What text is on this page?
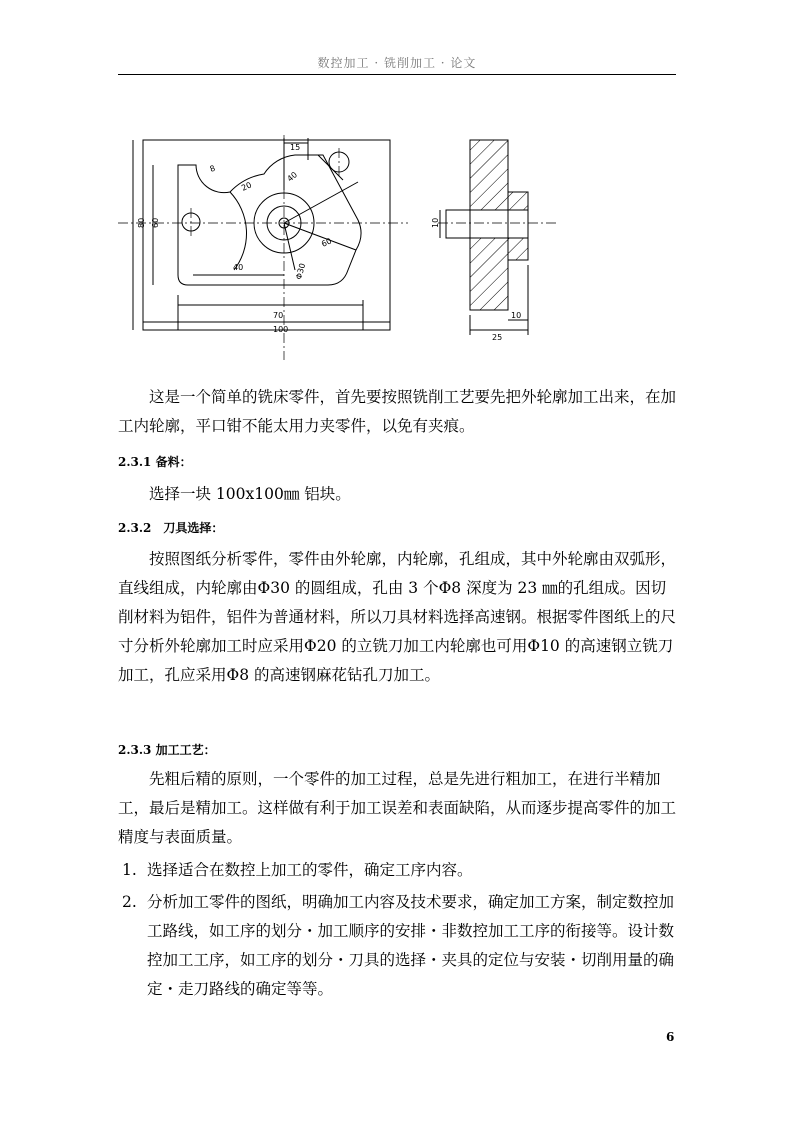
数控加工 · 铣削加工 · 论文
15
8
20
40
60
80
60
40	Φ30
70
100
10
10
25
这是一个简单的铣床零件，首先要按照铣削工艺要先把外轮廓加工出来，在加工内轮廓，平口钳不能太用力夹零件，以免有夹痕。
2.3.1 备料：
选择一块 100x100㎜ 铝块。
2.3.2　刀具选择：
按照图纸分析零件，零件由外轮廓，内轮廓，孔组成，其中外轮廓由双弧形，直线组成，内轮廓由Φ30 的圆组成，孔由 3 个Φ8 深度为 23 ㎜的孔组成。因切削材料为铝件，铝件为普通材料，所以刀具材料选择高速钢。根据零件图纸上的尺寸分析外轮廓加工时应采用Φ20 的立铣刀加工内轮廓也可用Φ10 的高速钢立铣刀加工，孔应采用Φ8 的高速钢麻花钻孔刀加工。
2.3.3 加工工艺：
先粗后精的原则，一个零件的加工过程，总是先进行粗加工，在进行半精加工，最后是精加工。这样做有利于加工误差和表面缺陷，从而逐步提高零件的加工精度与表面质量。
1. 选择适合在数控上加工的零件，确定工序内容。
2. 分析加工零件的图纸，明确加工内容及技术要求，确定加工方案，制定数控加工路线，如工序的划分・加工顺序的安排・非数控加工工序的衔接等。设计数控加工工序，如工序的划分・刀具的选择・夹具的定位与安装・切削用量的确定・走刀路线的确定等等。
6
